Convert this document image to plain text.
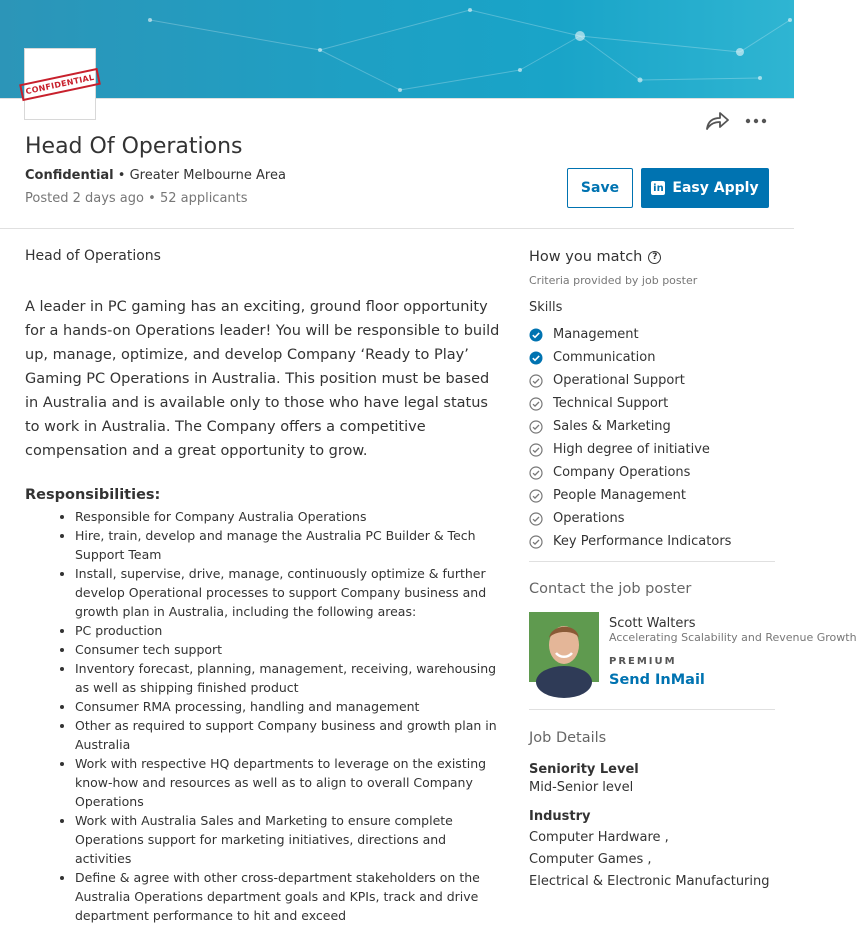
CONFIDENTIAL
Head Of Operations
Confidential • Greater Melbourne Area
Posted 2 days ago • 52 applicants
Save	in Easy Apply
Head of Operations

A leader in PC gaming has an exciting, ground floor opportunity for a hands-on Operations leader! You will be responsible to build up, manage, optimize, and develop Company ‘Ready to Play’ Gaming PC Operations in Australia. This position must be based in Australia and is available only to those who have legal status to work in Australia. The Company offers a competitive compensation and a great opportunity to grow.

Responsibilities:
• Responsible for Company Australia Operations
• Hire, train, develop and manage the Australia PC Builder & Tech Support Team
• Install, supervise, drive, manage, continuously optimize & further develop Operational processes to support Company business and growth plan in Australia, including the following areas:
• PC production
• Consumer tech support
• Inventory forecast, planning, management, receiving, warehousing as well as shipping finished product
• Consumer RMA processing, handling and management
• Other as required to support Company business and growth plan in Australia
• Work with respective HQ departments to leverage on the existing know-how and resources as well as to align to overall Company Operations
• Work with Australia Sales and Marketing to ensure complete Operations support for marketing initiatives, directions and activities
• Define & agree with other cross-department stakeholders on the Australia Operations department goals and KPIs, track and drive department performance to hit and exceed
How you match	?
Criteria provided by job poster
Skills
Management
Communication
Operational Support
Technical Support
Sales & Marketing
High degree of initiative
Company Operations
People Management
Operations
Key Performance Indicators
Contact the job poster
Scott Walters
Accelerating Scalability and Revenue Growth
PREMIUM
Send InMail
Job Details
Seniority Level
Mid-Senior level
Industry
Computer Hardware ,
Computer Games ,
Electrical & Electronic Manufacturing
